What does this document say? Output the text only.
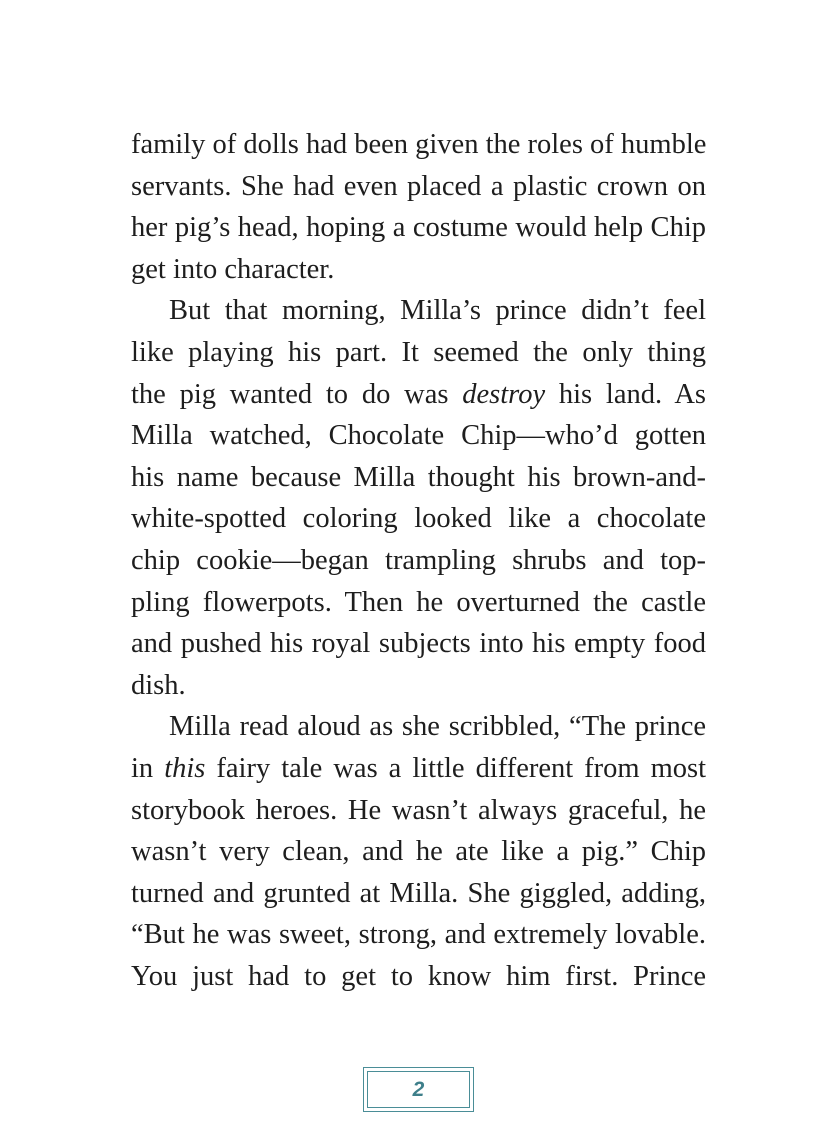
family of dolls had been given the roles of humble
servants. She had even placed a plastic crown on
her pig’s head, hoping a costume would help Chip
get into character.
But that morning, Milla’s prince didn’t feel
like playing his part. It seemed the only thing
the pig wanted to do was destroy his land. As
Milla watched, Chocolate Chip—who’d gotten
his name because Milla thought his brown-and-
white-spotted coloring looked like a chocolate
chip cookie—began trampling shrubs and top-
pling flowerpots. Then he overturned the castle
and pushed his royal subjects into his empty food
dish.
Milla read aloud as she scribbled, “The prince
in this fairy tale was a little different from most
storybook heroes. He wasn’t always graceful, he
wasn’t very clean, and he ate like a pig.” Chip
turned and grunted at Milla. She giggled, adding,
“But he was sweet, strong, and extremely lovable.
You just had to get to know him first. Prince
2
